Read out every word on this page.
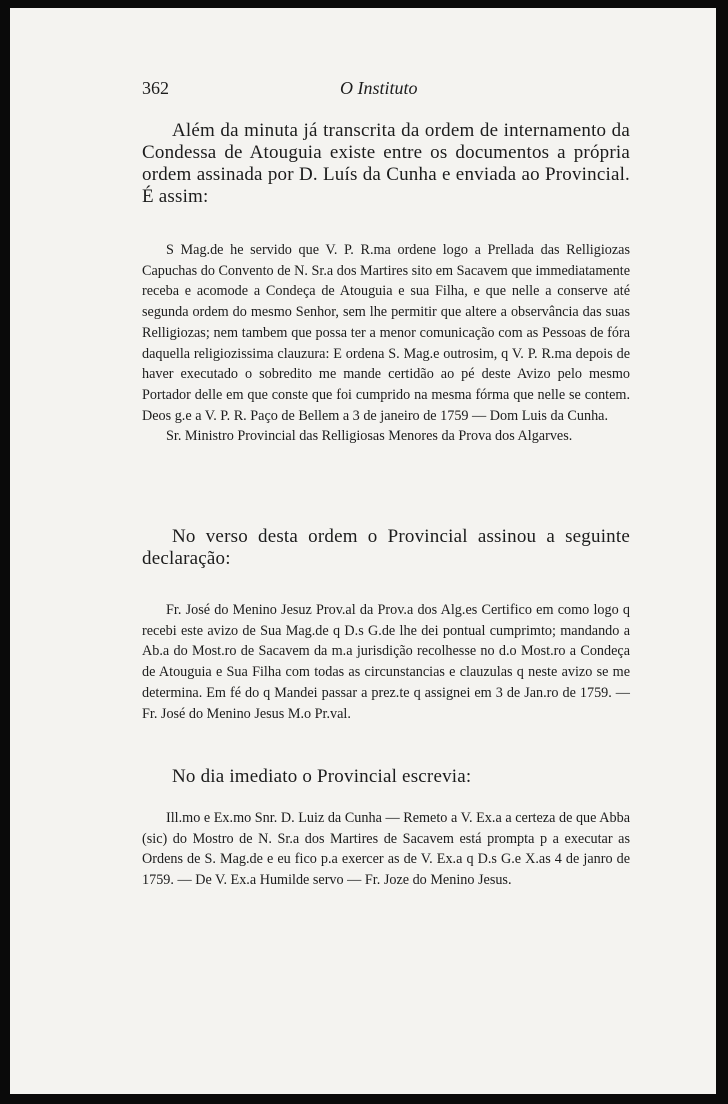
362	O Instituto

Além da minuta já transcrita da ordem de internamento da Condessa de Atouguia existe entre os documentos a própria ordem assinada por D. Luís da Cunha e enviada ao Provincial. É assim:

S Mag.de he servido que V. P. R.ma ordene logo a Prellada das Relligiozas Capuchas do Convento de N. Sr.a dos Martires sito em Sacavem que immediatamente receba e acomode a Condeça de Atouguia e sua Filha, e que nelle a conserve até segunda ordem do mesmo Senhor, sem lhe permitir que altere a observância das suas Relligiozas; nem tambem que possa ter a menor comunicação com as Pessoas de fóra daquella religiozissima clauzura: E ordena S. Mag.e outrosim, q V. P. R.ma depois de haver executado o sobredito me mande certidão ao pé deste Avizo pelo mesmo Portador delle em que conste que foi cumprido na mesma fórma que nelle se contem. Deos g.e a V. P. R. Paço de Bellem a 3 de janeiro de 1759 — Dom Luis da Cunha.

Sr. Ministro Provincial das Relligiosas Menores da Prova dos Algarves.

No verso desta ordem o Provincial assinou a seguinte declaração:

Fr. José do Menino Jesuz Prov.al da Prov.a dos Alg.es Certifico em como logo q recebi este avizo de Sua Mag.de q D.s G.de lhe dei pontual cumprimto; mandando a Ab.a do Most.ro de Sacavem da m.a jurisdição recolhesse no d.o Most.ro a Condeça de Atouguia e Sua Filha com todas as circunstancias e clauzulas q neste avizo se me determina. Em fé do q Mandei passar a prez.te q assignei em 3 de Jan.ro de 1759. — Fr. José do Menino Jesus M.o Pr.val.

No dia imediato o Provincial escrevia:

Ill.mo e Ex.mo Snr. D. Luiz da Cunha — Remeto a V. Ex.a a certeza de que Abba (sic) do Mostro de N. Sr.a dos Martires de Sacavem está prompta p a executar as Ordens de S. Mag.de e eu fico p.a exercer as de V. Ex.a q D.s G.e X.as 4 de janro de 1759. — De V. Ex.a Humilde servo — Fr. Joze do Menino Jesus.
